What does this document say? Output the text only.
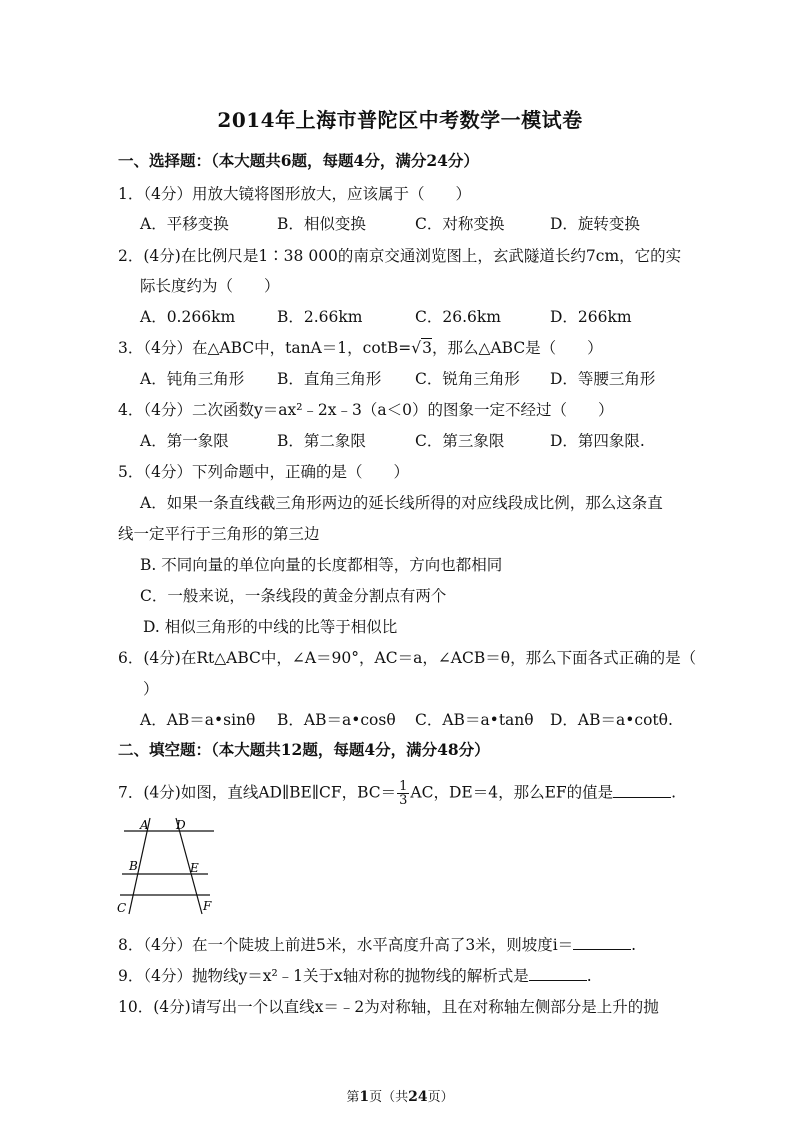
2014年上海市普陀区中考数学一模试卷
一、选择题：（本大题共6题，每题4分，满分24分）
1．（4分）用放大镜将图形放大，应该属于（　　）
A．平移变换	B．相似变换	C．对称变换	D．旋转变换
2．(4分)在比例尺是1∶38 000的南京交通浏览图上，玄武隧道长约7cm，它的实
际长度约为（　　）
A．0.266km	B．2.66km	C．26.6km	D．266km
3．（4分）在△ABC中，tanA＝1，cotB=√3，那么△ABC是（　　）
A．钝角三角形 B．直角三角形 C．锐角三角形 D．等腰三角形
4．（4分）二次函数y＝ax²﹣2x﹣3（a＜0）的图象一定不经过（　　）
A．第一象限	B．第二象限	C．第三象限	D．第四象限.
5．（4分）下列命题中，正确的是（　　）
A．如果一条直线截三角形两边的延长线所得的对应线段成比例，那么这条直
线一定平行于三角形的第三边
B. 不同向量的单位向量的长度都相等，方向也都相同
C．一般来说，一条线段的黄金分割点有两个
D. 相似三角形的中线的比等于相似比
6．(4分)在Rt△ABC中，∠A＝90°，AC＝a，∠ACB＝θ，那么下面各式正确的是（
）
A．AB＝a•sinθ B．AB＝a•cosθ C．AB＝a•tanθ D．AB＝a•cotθ.
二、填空题：（本大题共12题，每题4分，满分48分）
7．(4分)如图，直线AD∥BE∥CF，$BC= \frac{1}{3}$ AC，DE＝4，那么EF的值是	.
A D
B	E
C	F
8．（4分）在一个陡坡上前进5米，水平高度升高了3米，则坡度i＝	.
9．（4分）抛物线y＝x²﹣1关于x轴对称的抛物线的解析式是	.
10．(4分)请写出一个以直线x＝﹣2为对称轴，且在对称轴左侧部分是上升的抛
第1页（共24页）
